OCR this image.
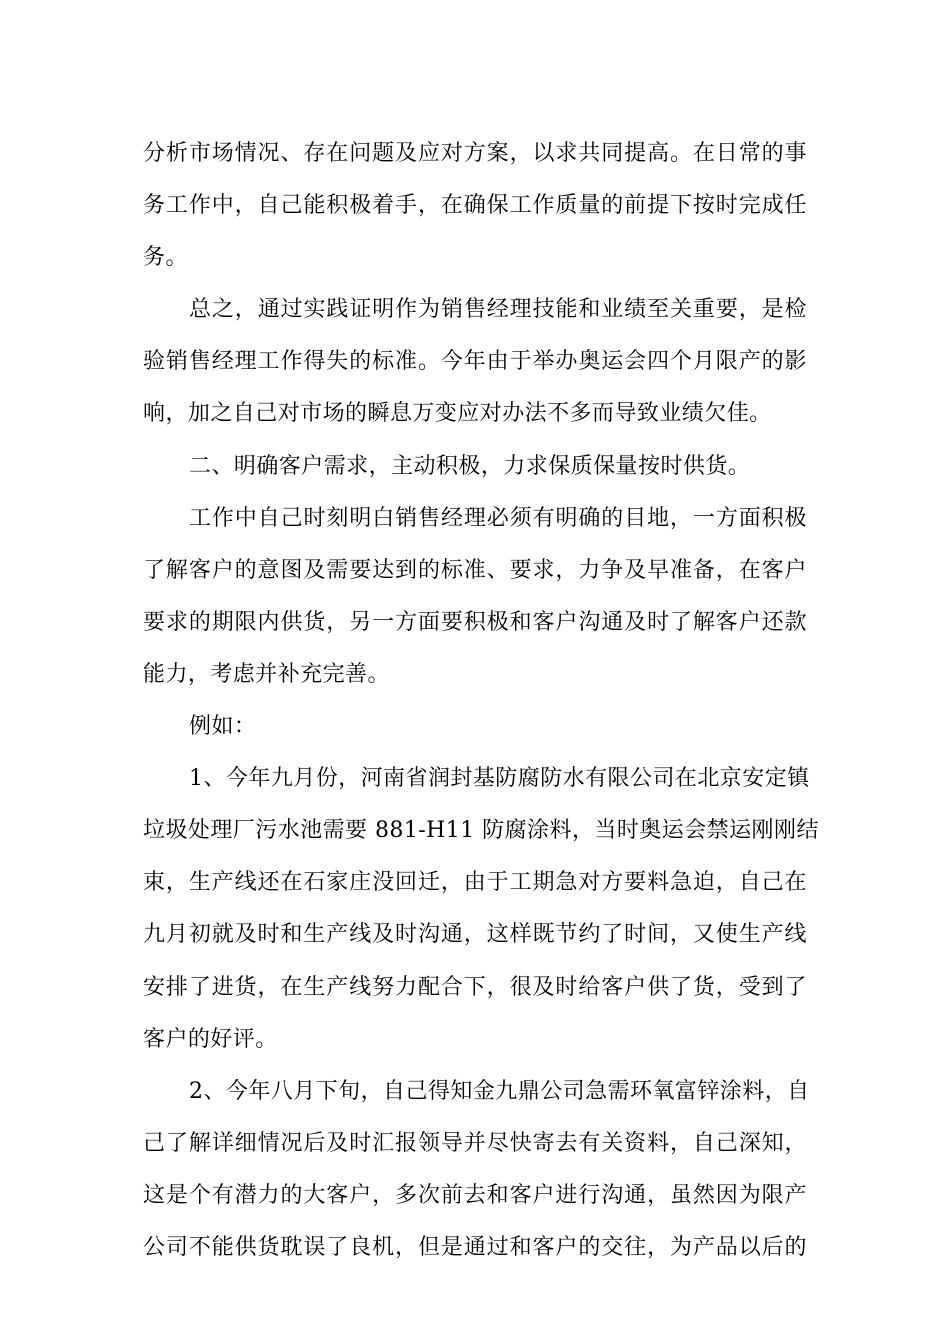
分析市场情况、存在问题及应对方案，以求共同提高。在日常的事
务工作中，自己能积极着手，在确保工作质量的前提下按时完成任
务。

总之，通过实践证明作为销售经理技能和业绩至关重要，是检
验销售经理工作得失的标准。今年由于举办奥运会四个月限产的影
响，加之自己对市场的瞬息万变应对办法不多而导致业绩欠佳。

二、明确客户需求，主动积极，力求保质保量按时供货。

工作中自己时刻明白销售经理必须有明确的目地，一方面积极
了解客户的意图及需要达到的标准、要求，力争及早准备，在客户
要求的期限内供货，另一方面要积极和客户沟通及时了解客户还款
能力，考虑并补充完善。

例如：

1、今年九月份，河南省润封基防腐防水有限公司在北京安定镇
垃圾处理厂污水池需要 881-H11 防腐涂料，当时奥运会禁运刚刚结
束，生产线还在石家庄没回迁，由于工期急对方要料急迫，自己在
九月初就及时和生产线及时沟通，这样既节约了时间，又使生产线
安排了进货，在生产线努力配合下，很及时给客户供了货，受到了
客户的好评。

2、今年八月下旬，自己得知金九鼎公司急需环氧富锌涂料，自
己了解详细情况后及时汇报领导并尽快寄去有关资料，自己深知，
这是个有潜力的大客户，多次前去和客户进行沟通，虽然因为限产
公司不能供货耽误了良机，但是通过和客户的交往，为产品以后的
